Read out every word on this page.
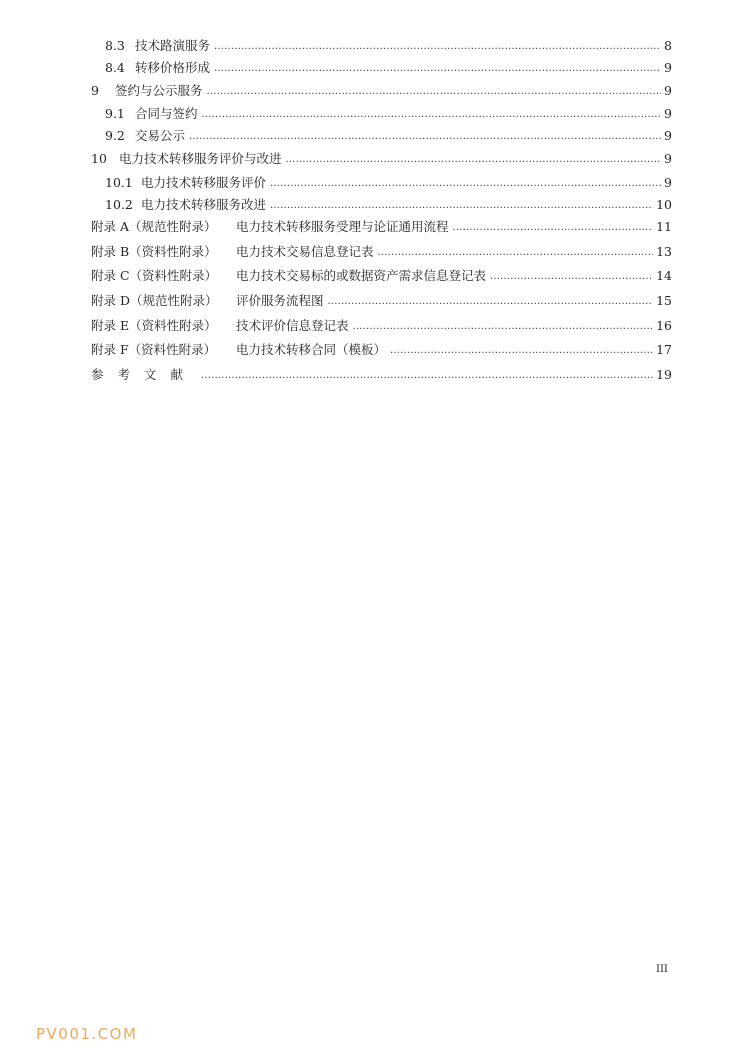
8.3 技术路演服务 .....	8
8.4 转移价格形成 .....	9
9	签约与公示服务 .....	9
9.1 合同与签约 .....	9
9.2 交易公示 .....	9
10 电力技术转移服务评价与改进 .....	9
10.1 电力技术转移服务评价 .....	9
10.2 电力技术转移服务改进 .....	10
附录 A（规范性附录）	电力技术转移服务受理与论证通用流程 .....	11
附录 B（资料性附录）	电力技术交易信息登记表 .....	13
附录 C（资料性附录）	电力技术交易标的或数据资产需求信息登记表 .....	14
附录 D（规范性附录）	评价服务流程图 .....	15
附录 E（资料性附录）	技术评价信息登记表 .....	16
附录 F（资料性附录）	电力技术转移合同（模板） .....	17
参考文献 .....	19
III
PV001.COM
